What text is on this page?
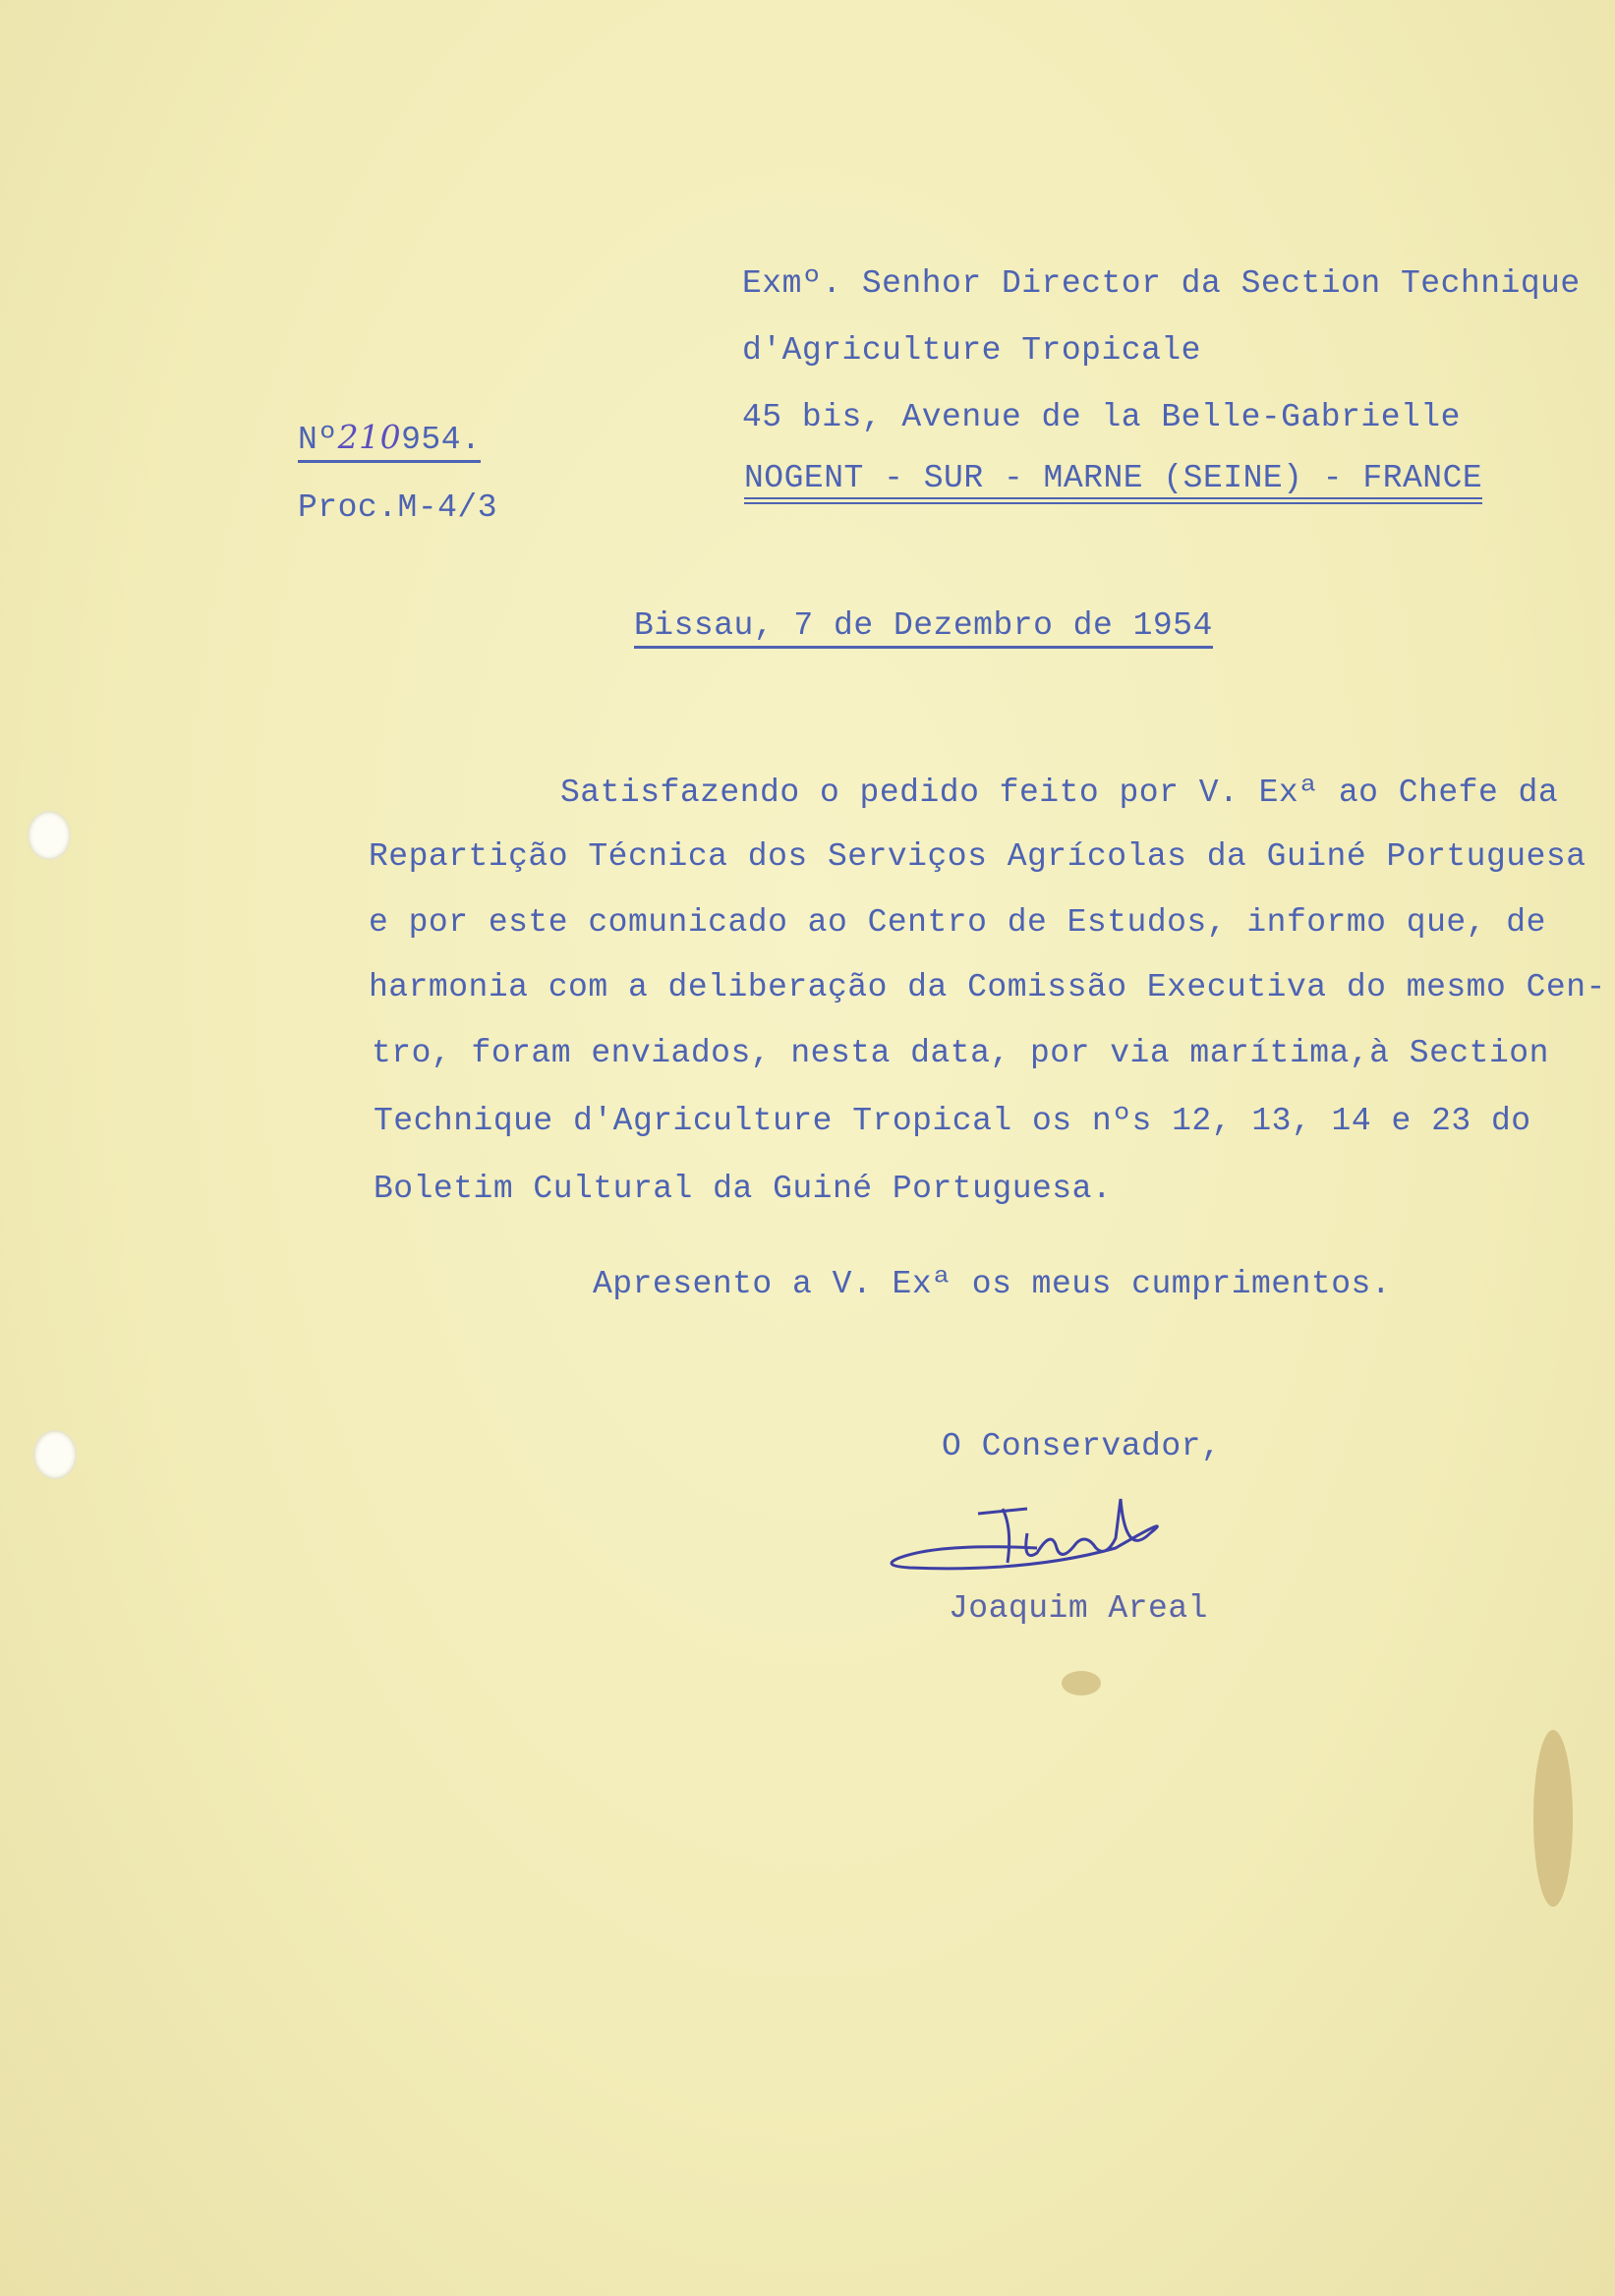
Nº210954.
Proc.M-4/3
Exmº. Senhor Director da Section Technique
d'Agriculture Tropicale
45 bis, Avenue de la Belle-Gabrielle
NOGENT - SUR - MARNE (SEINE) - FRANCE
Bissau, 7 de Dezembro de 1954
Satisfazendo o pedido feito por V. Exª ao Chefe da
Repartição Técnica dos Serviços Agrícolas da Guiné Portuguesa
e por este comunicado ao Centro de Estudos, informo que, de
harmonia com a deliberação da Comissão Executiva do mesmo Cen-
tro, foram enviados, nesta data, por via marítima,à Section
Technique d'Agriculture Tropical os nºs 12, 13, 14 e 23 do
Boletim Cultural da Guiné Portuguesa.
Apresento a V. Exª os meus cumprimentos.
O Conservador,
Joaquim Areal
